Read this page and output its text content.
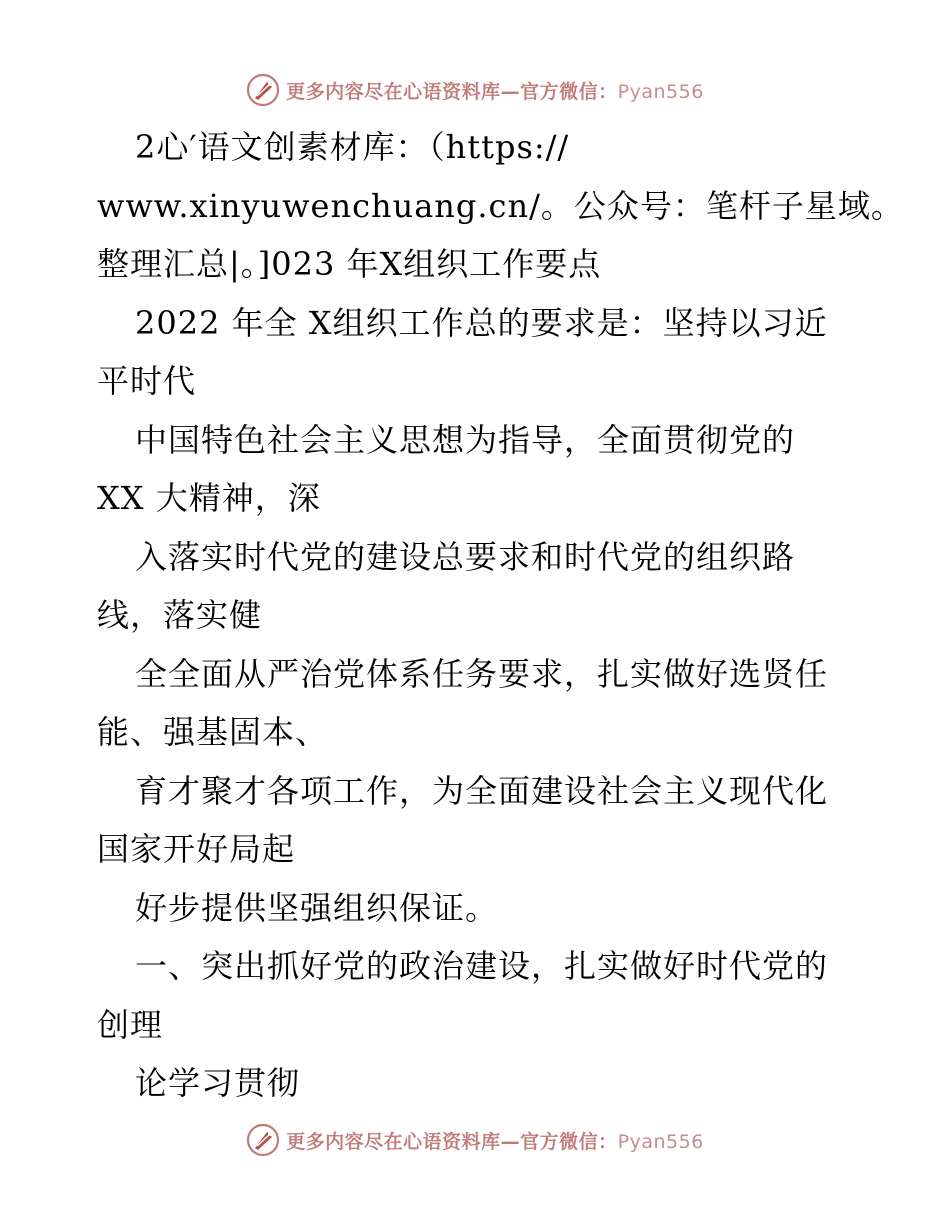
更多内容尽在心语资料库—官方微信：Pyan556
2心′语文创素材库：（https://
www.xinyuwenchuang.cn/。公众号：笔杆子星域。
整理汇总|。]023 年X组织工作要点
2022 年全 X组织工作总的要求是：坚持以习近
平时代
中国特色社会主义思想为指导，全面贯彻党的
XX 大精神，深
入落实时代党的建设总要求和时代党的组织路
线，落实健
全全面从严治党体系任务要求，扎实做好选贤任
能、强基固本、
育才聚才各项工作，为全面建设社会主义现代化
国家开好局起
好步提供坚强组织保证。
一、突出抓好党的政治建设，扎实做好时代党的
创理
论学习贯彻
更多内容尽在心语资料库—官方微信：Pyan556
